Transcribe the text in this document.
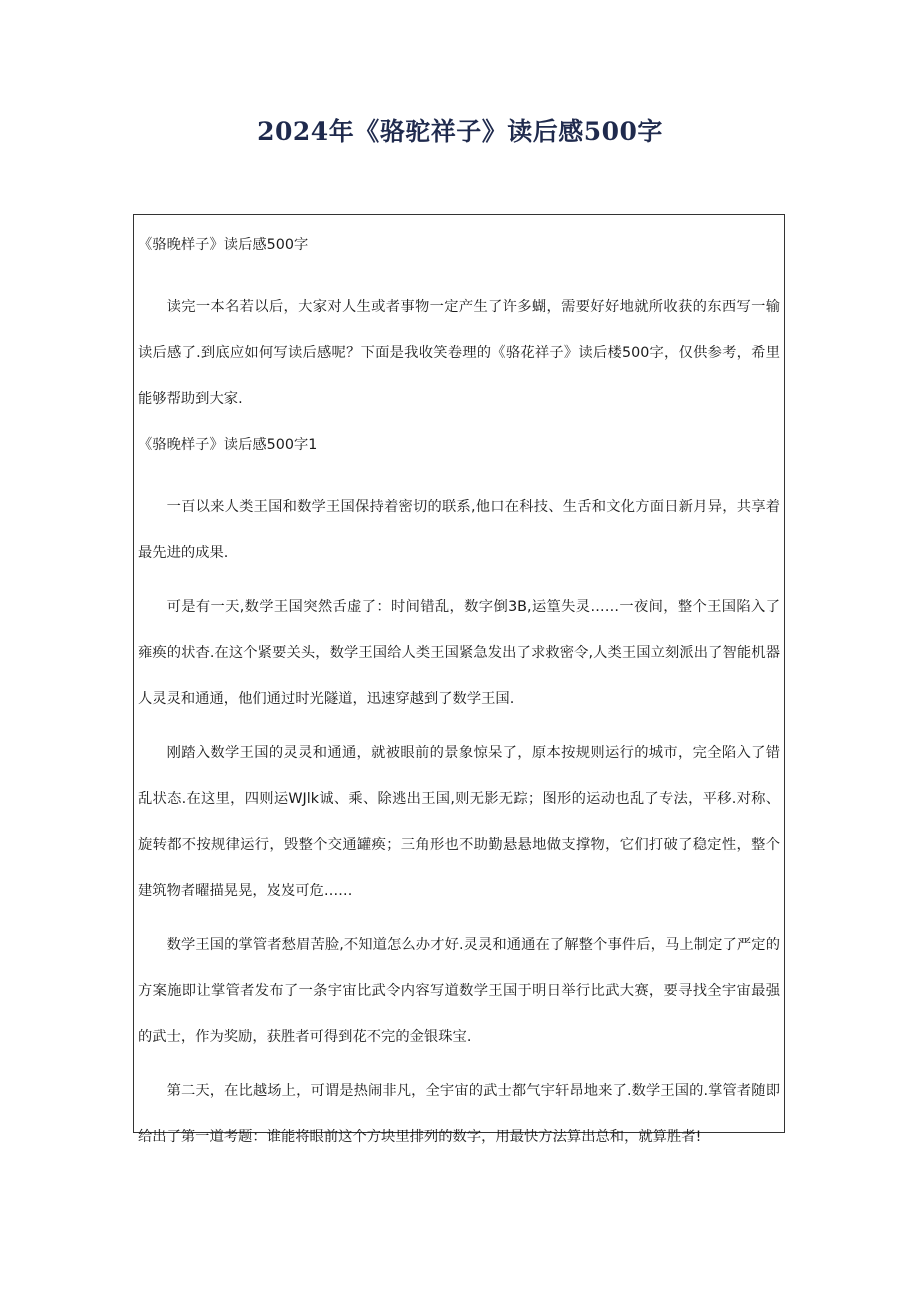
2024年《骆驼祥子》读后感500字

《骆晚样子》读后感500字

读完一本名若以后，大家对人生或者事物一定产生了许多蝴，需要好好地就所收获的东西写一输读后感了.到底应如何写读后感呢？下面是我收笑卷理的《骆花祥子》读后楼500字，仅供参考，希里能够帮助到大家.

《骆晚样子》读后感500字1

一百以来人类王国和数学王国保持着密切的联系,他口在科技、生舌和文化方面日新月异，共享着最先进的成果.

可是有一天,数学王国突然舌虚了：时间错乱，数字倒3B,运篁失灵……一夜间，整个王国陷入了雍痪的状杳.在这个紧要关头，数学王国给人类王国紧急发出了求救密令,人类王国立刻派出了智能机器人灵灵和通通，他们通过时光隧道，迅速穿越到了数学王国.

刚踏入数学王国的灵灵和通通，就被眼前的景象惊呆了，原本按规则运行的城市，完全陷入了错乱状态.在这里，四则运WJlk诚、乘、除逃出王国,则无影无踪；图形的运动也乱了专法，平移.对称、旋转都不按规律运行，毁整个交通罐痪；三角形也不助勤悬悬地做支撑物，它们打破了稳定性，整个建筑物者曜描晃晃，岌岌可危……

数学王国的掌管者愁眉苦脸,不知道怎么办才好.灵灵和通通在了解整个事件后，马上制定了严定的方案施即让掌管者发布了一条宇宙比武令内容写道数学王国于明日举行比武大赛，要寻找全宇宙最强的武士，作为奖励，获胜者可得到花不完的金银珠宝.

第二天，在比越场上，可谓是热闹非凡，全宇宙的武士都气宇轩昂地来了.数学王国的.掌管者随即给出了第一道考题：谁能将眼前这个方块里排列的数字，用最快方法算出总和，就算胜者!
